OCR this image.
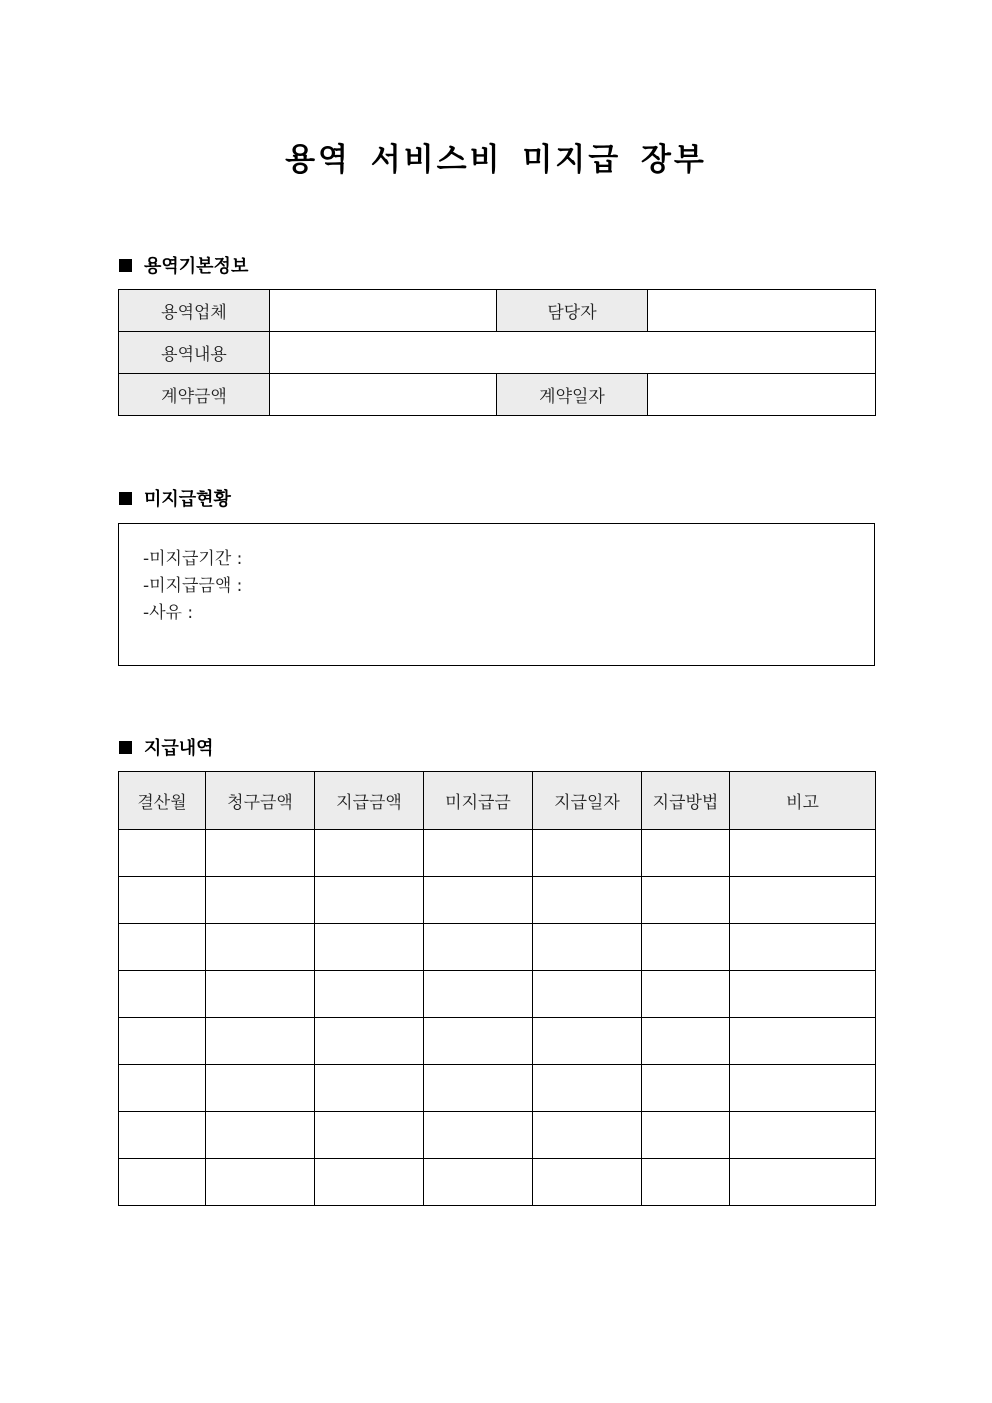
용역 서비스비 미지급 장부
용역기본정보
용역업체		담당자	
용역내용			
계약금액		계약일자	
미지급현황
-미지급기간 :
-미지급금액 :
-사유 :
지급내역
결산월	청구금액	지급금액	미지급금	지급일자	지급방법	비고
